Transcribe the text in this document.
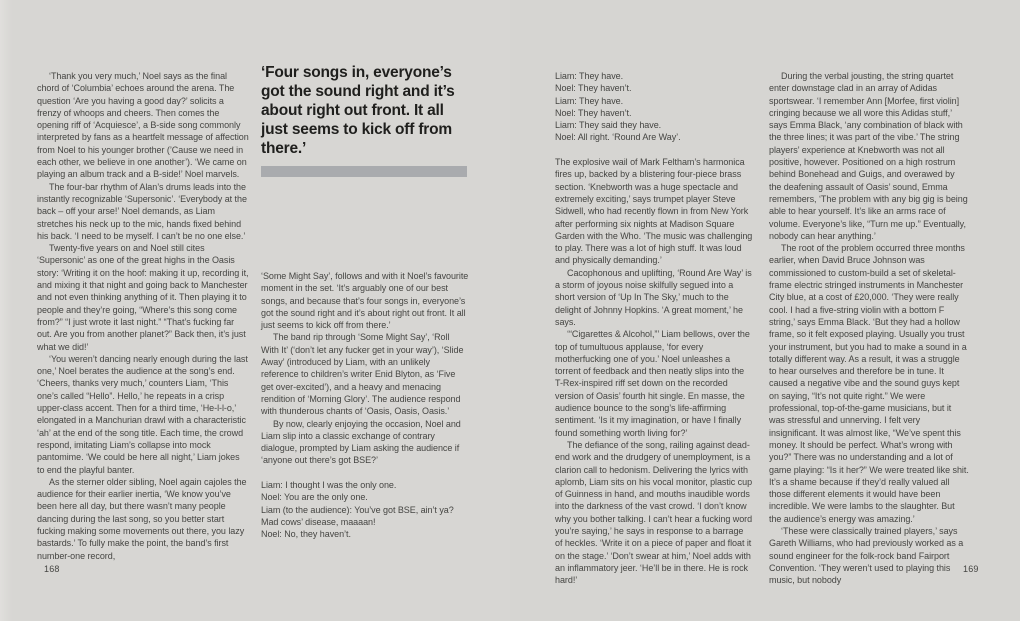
‘Thank you very much,’ Noel says as the final chord of ‘Columbia’ echoes around the arena. The question ‘Are you having a good day?’ solicits a frenzy of whoops and cheers. Then comes the opening riff of ‘Acquiesce’, a B-side song commonly interpreted by fans as a heartfelt message of affection from Noel to his younger brother (’Cause we need in each other, we believe in one another’). ‘We came on playing an album track and a B-side!’ Noel marvels.

The four-bar rhythm of Alan’s drums leads into the instantly recognizable ‘Supersonic’. ‘Everybody at the back – off your arse!’ Noel demands, as Liam stretches his neck up to the mic, hands fixed behind his back. ‘I need to be myself. I can’t be no one else.’

Twenty-five years on and Noel still cites ‘Supersonic’ as one of the great highs in the Oasis story: ‘Writing it on the hoof: making it up, recording it, and mixing it that night and going back to Manchester and not even thinking anything of it. Then playing it to people and they’re going, “Where’s this song come from?” “I just wrote it last night.” “That’s fucking far out. Are you from another planet?” Back then, it’s just what we did!’

‘You weren’t dancing nearly enough during the last one,’ Noel berates the audience at the song’s end. ‘Cheers, thanks very much,’ counters Liam, ‘This one’s called “Hello”. Hello,’ he repeats in a crisp upper-class accent. Then for a third time, ‘He-l-l-o,’ elongated in a Manchurian drawl with a characteristic ‘ah’ at the end of the song title. Each time, the crowd respond, imitating Liam’s collapse into mock pantomime. ‘We could be here all night,’ Liam jokes to end the playful banter.

As the sterner older sibling, Noel again cajoles the audience for their earlier inertia, ‘We know you’ve been here all day, but there wasn’t many people dancing during the last song, so you better start fucking making some movements out there, you lazy bastards.’ To fully make the point, the band’s first number-one record,

‘Four songs in, everyone’s got the sound right and it’s about right out front. It all just seems to kick off from there.’

‘Some Might Say’, follows and with it Noel’s favourite moment in the set. ‘It’s arguably one of our best songs, and because that’s four songs in, everyone’s got the sound right and it’s about right out front. It all just seems to kick off from there.’

The band rip through ‘Some Might Say’, ‘Roll With It’ (‘don’t let any fucker get in your way’), ‘Slide Away’ (introduced by Liam, with an unlikely reference to children’s writer Enid Blyton, as ‘Five get over-excited’), and a heavy and menacing rendition of ‘Morning Glory’. The audience respond with thunderous chants of ‘Oasis, Oasis, Oasis.’

By now, clearly enjoying the occasion, Noel and Liam slip into a classic exchange of contrary dialogue, prompted by Liam asking the audience if ‘anyone out there’s got BSE?’

Liam: I thought I was the only one.

Noel: You are the only one.

Liam (to the audience): You’ve got BSE, ain’t ya? Mad cows’ disease, maaaan!

Noel: No, they haven’t.

Liam: They have.

Noel: They haven’t.

Liam: They have.

Noel: They haven’t.

Liam: They said they have.

Noel: All right. ‘Round Are Way’.

The explosive wail of Mark Feltham’s harmonica fires up, backed by a blistering four-piece brass section. ‘Knebworth was a huge spectacle and extremely exciting,’ says trumpet player Steve Sidwell, who had recently flown in from New York after performing six nights at Madison Square Garden with the Who. ‘The music was challenging to play. There was a lot of high stuff. It was loud and physically demanding.’

Cacophonous and uplifting, ‘Round Are Way’ is a storm of joyous noise skilfully segued into a short version of ‘Up In The Sky,’ much to the delight of Johnny Hopkins. ‘A great moment,’ he says.

‘“Cigarettes & Alcohol,”’ Liam bellows, over the top of tumultuous applause, ‘for every motherfucking one of you.’ Noel unleashes a torrent of feedback and then neatly slips into the T-Rex-inspired riff set down on the recorded version of Oasis’ fourth hit single. En masse, the audience bounce to the song’s life-affirming sentiment. ‘Is it my imagination, or have I finally found something worth living for?’

The defiance of the song, railing against dead-end work and the drudgery of unemployment, is a clarion call to hedonism. Delivering the lyrics with aplomb, Liam sits on his vocal monitor, plastic cup of Guinness in hand, and mouths inaudible words into the darkness of the vast crowd. ‘I don’t know why you bother talking. I can’t hear a fucking word you’re saying,’ he says in response to a barrage of heckles. ‘Write it on a piece of paper and float it on the stage.’ ‘Don’t swear at him,’ Noel adds with an inflammatory jeer. ‘He’ll be in there. He is rock hard!’

During the verbal jousting, the string quartet enter downstage clad in an array of Adidas sportswear. ‘I remember Ann [Morfee, first violin] cringing because we all wore this Adidas stuff,’ says Emma Black, ‘any combination of black with the three lines; it was part of the vibe.’ The string players’ experience at Knebworth was not all positive, however. Positioned on a high rostrum behind Bonehead and Guigs, and overawed by the deafening assault of Oasis’ sound, Emma remembers, ‘The problem with any big gig is being able to hear yourself. It’s like an arms race of volume. Everyone’s like, “Turn me up.” Eventually, nobody can hear anything.’

The root of the problem occurred three months earlier, when David Bruce Johnson was commissioned to custom-build a set of skeletal-frame electric stringed instruments in Manchester City blue, at a cost of £20,000. ‘They were really cool. I had a five-string violin with a bottom F string,’ says Emma Black. ‘But they had a hollow frame, so it felt exposed playing. Usually you trust your instrument, but you had to make a sound in a totally different way. As a result, it was a struggle to hear ourselves and therefore be in tune. It caused a negative vibe and the sound guys kept on saying, “It’s not quite right.” We were professional, top-of-the-game musicians, but it was stressful and unnerving. I felt very insignificant. It was almost like, “We’ve spent this money. It should be perfect. What’s wrong with you?” There was no understanding and a lot of game playing: “Is it her?” We were treated like shit. It’s a shame because if they’d really valued all those different elements it would have been incredible. We were lambs to the slaughter. But the audience’s energy was amazing.’

‘These were classically trained players,’ says Gareth Williams, who had previously worked as a sound engineer for the folk-rock band Fairport Convention. ‘They weren’t used to playing this music, but nobody

168	169
